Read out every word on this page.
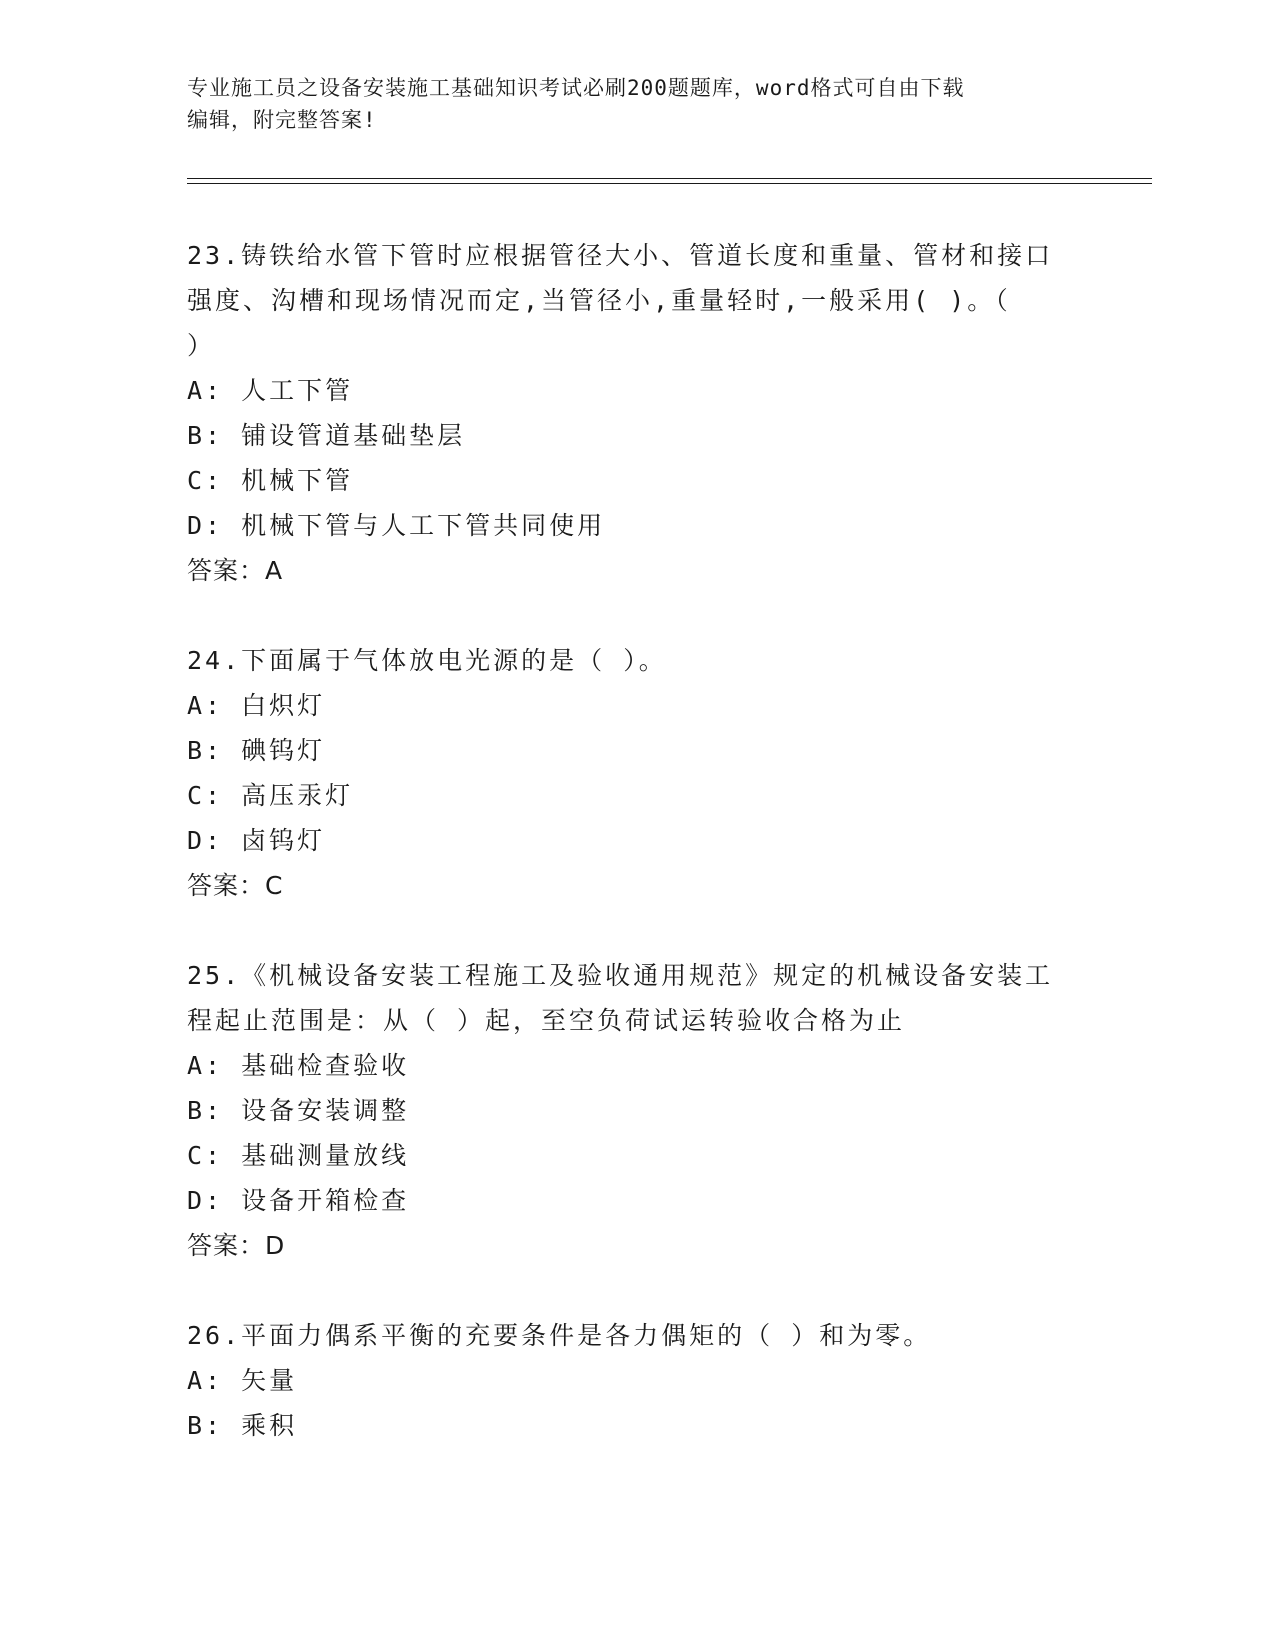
专业施工员之设备安装施工基础知识考试必刷200题题库，word格式可自由下载
编辑，附完整答案!

23.铸铁给水管下管时应根据管径大小、管道长度和重量、管材和接口

强度、沟槽和现场情况而定,当管径小,重量轻时,一般采用( )。（

）

A: 人工下管

B: 铺设管道基础垫层

C: 机械下管

D: 机械下管与人工下管共同使用

答案：A

24.下面属于气体放电光源的是（ ）。

A: 白炽灯

B: 碘钨灯

C: 高压汞灯

D: 卤钨灯

答案：C

25.《机械设备安装工程施工及验收通用规范》规定的机械设备安装工

程起止范围是：从（ ）起，至空负荷试运转验收合格为止

A: 基础检查验收

B: 设备安装调整

C: 基础测量放线

D: 设备开箱检查

答案：D

26.平面力偶系平衡的充要条件是各力偶矩的（ ）和为零。

A: 矢量

B: 乘积
